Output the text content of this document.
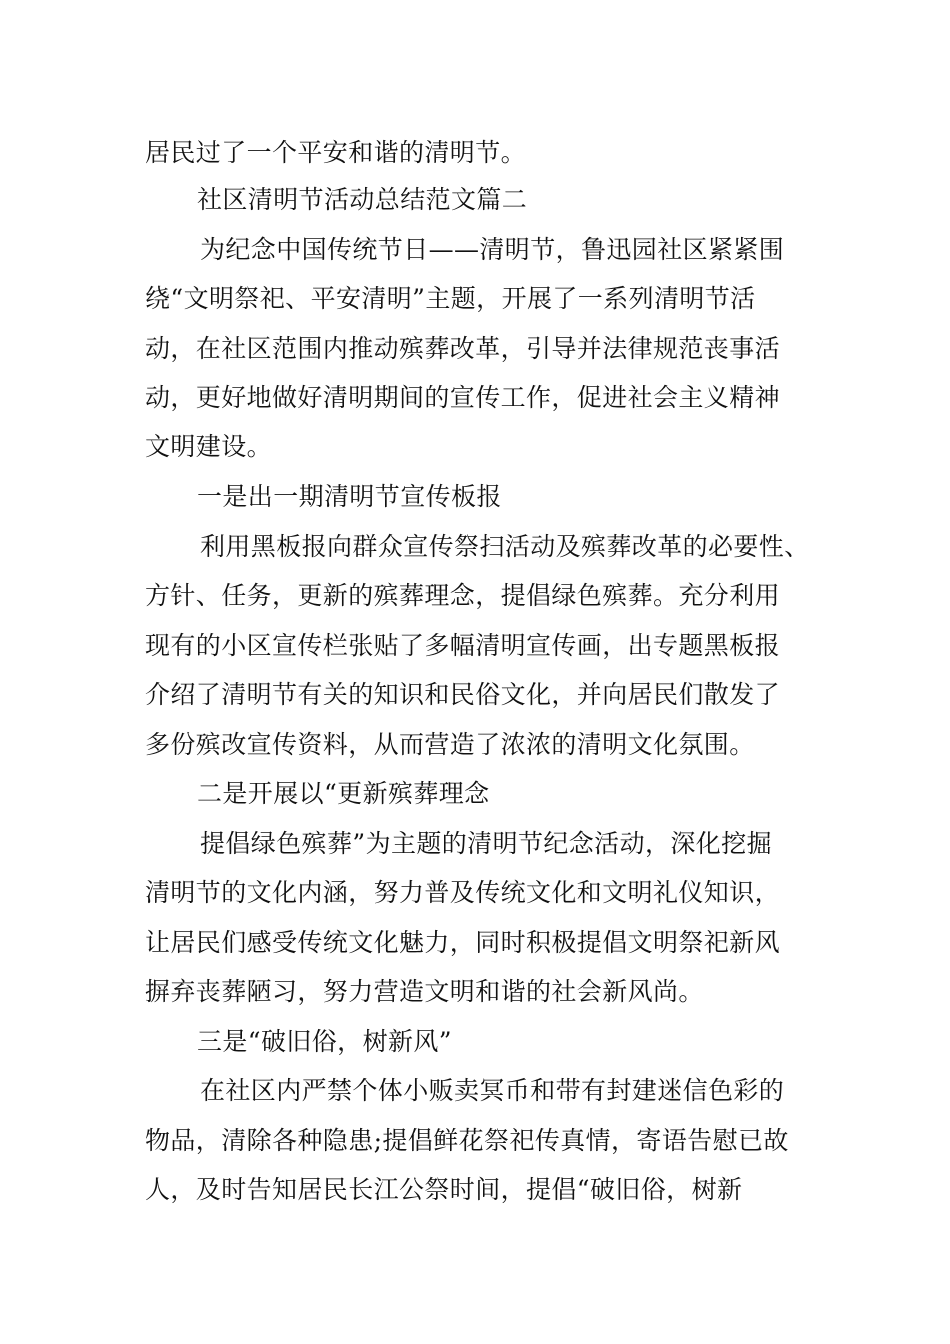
居民过了一个平安和谐的清明节。
社区清明节活动总结范文篇二
为纪念中国传统节日——清明节，鲁迅园社区紧紧围
绕“文明祭祀、平安清明”主题，开展了一系列清明节活
动，在社区范围内推动殡葬改革，引导并法律规范丧事活
动，更好地做好清明期间的宣传工作，促进社会主义精神
文明建设。
一是出一期清明节宣传板报
利用黑板报向群众宣传祭扫活动及殡葬改革的必要性、
方针、任务，更新的殡葬理念，提倡绿色殡葬。充分利用
现有的小区宣传栏张贴了多幅清明宣传画，出专题黑板报
介绍了清明节有关的知识和民俗文化，并向居民们散发了
多份殡改宣传资料，从而营造了浓浓的清明文化氛围。
二是开展以“更新殡葬理念
提倡绿色殡葬”为主题的清明节纪念活动，深化挖掘
清明节的文化内涵，努力普及传统文化和文明礼仪知识，
让居民们感受传统文化魅力，同时积极提倡文明祭祀新风
摒弃丧葬陋习，努力营造文明和谐的社会新风尚。
三是“破旧俗，树新风”
在社区内严禁个体小贩卖冥币和带有封建迷信色彩的
物品，清除各种隐患;提倡鲜花祭祀传真情，寄语告慰已故
人，及时告知居民长江公祭时间，提倡“破旧俗，树新
